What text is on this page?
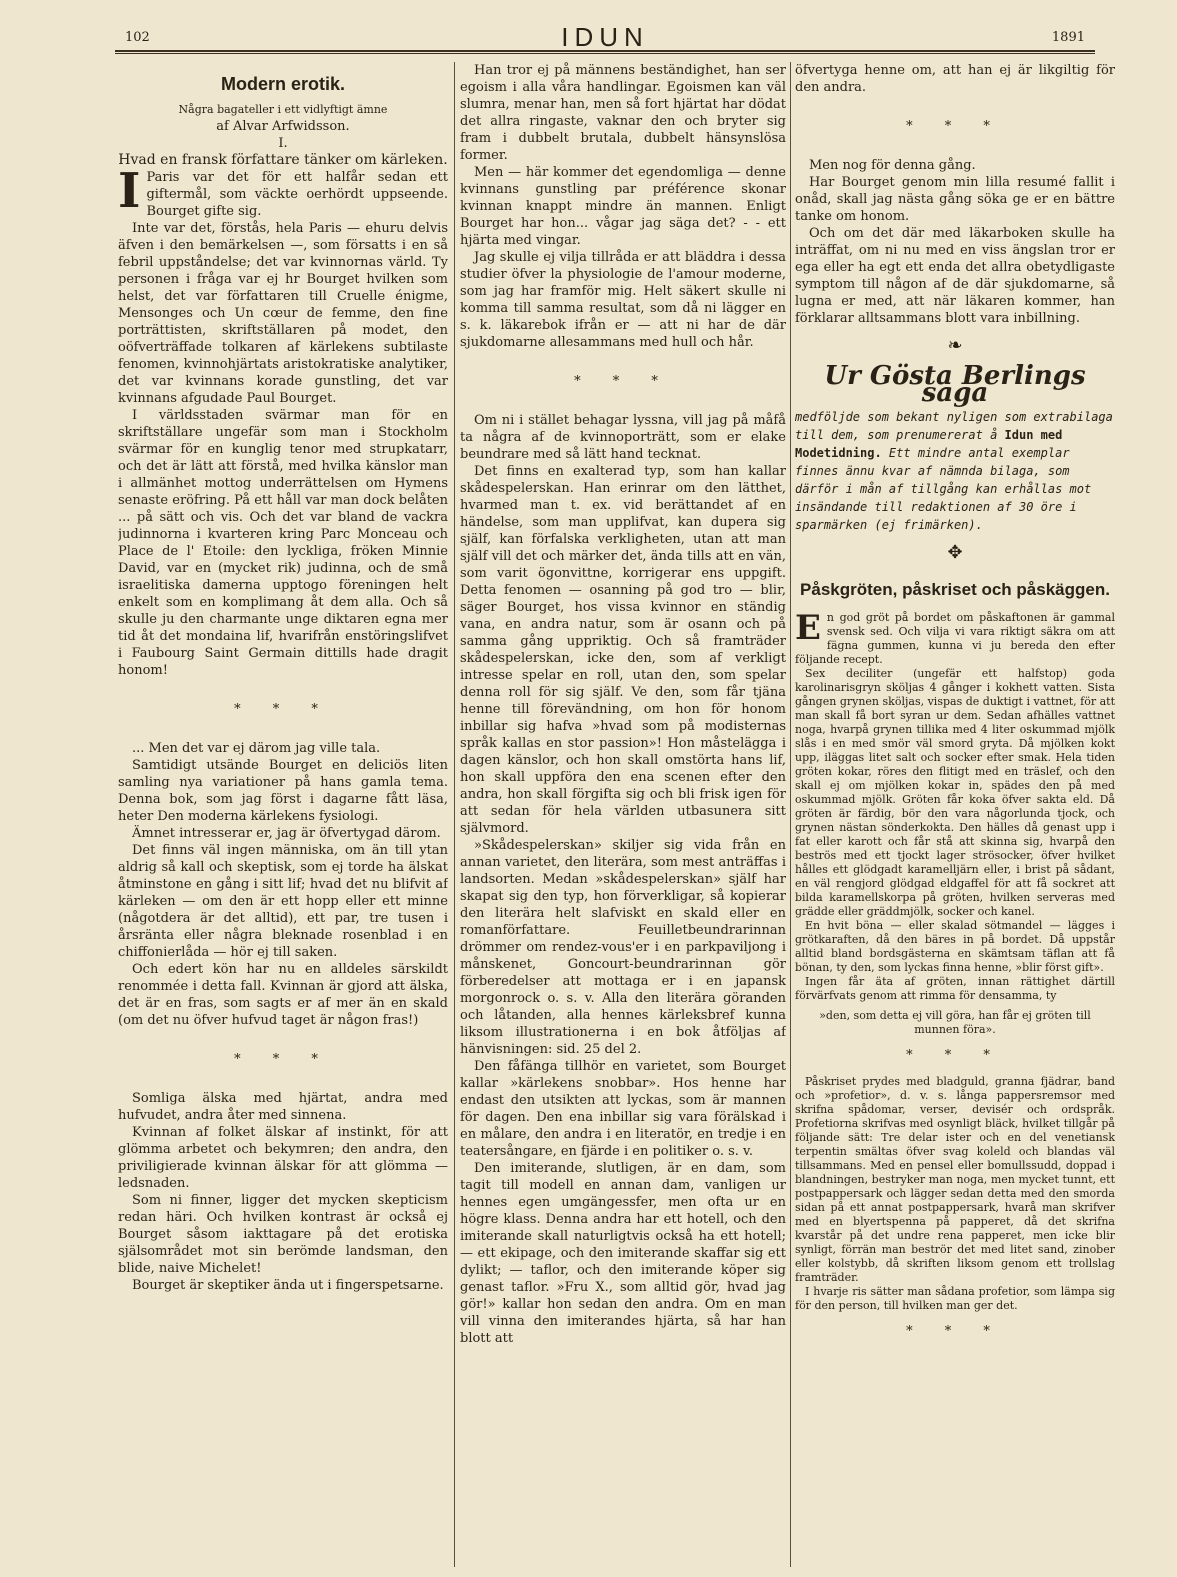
102	IDUN	1891
Modern erotik.

Några bagateller i ett vidlyftigt ämne

af Alvar Arfwidsson.

I.

Hvad en fransk författare tänker om kärleken.

I Paris var det för ett halfår sedan ett giftermål, som väckte oerhördt uppseende. Bourget gifte sig.

Inte var det, förstås, hela Paris — ehuru delvis äfven i den bemärkelsen —, som försatts i en så febril uppståndelse; det var kvinnornas värld. Ty personen i fråga var ej hr Bourget hvilken som helst, det var författaren till Cruelle énigme, Mensonges och Un cœur de femme, den fine porträttisten, skriftställaren på modet, den oöfverträffade tolkaren af kärlekens subtilaste fenomen, kvinnohjärtats aristokratiske analytiker, det var kvinnans korade gunstling, det var kvinnans afgudade Paul Bourget.

I världsstaden svärmar man för en skriftställare ungefär som man i Stockholm svärmar för en kunglig tenor med strupkatarr, och det är lätt att förstå, med hvilka känslor man i allmänhet mottog underrättelsen om Hymens senaste eröfring. På ett håll var man dock belåten ... på sätt och vis. Och det var bland de vackra judinnorna i kvarteren kring Parc Monceau och Place de l' Etoile: den lyckliga, fröken Minnie David, var en (mycket rik) judinna, och de små israelitiska damerna upptogo föreningen helt enkelt som en komplimang åt dem alla. Och så skulle ju den charmante unge diktaren egna mer tid åt det mondaina lif, hvarifrån enstöringslifvet i Faubourg Saint Germain dittills hade dragit honom!

* * *

... Men det var ej därom jag ville tala.

Samtidigt utsände Bourget en deliciös liten samling nya variationer på hans gamla tema. Denna bok, som jag först i dagarne fått läsa, heter Den moderna kärlekens fysiologi.

Ämnet intresserar er, jag är öfvertygad därom.

Det finns väl ingen människa, om än till ytan aldrig så kall och skeptisk, som ej torde ha älskat åtminstone en gång i sitt lif; hvad det nu blifvit af kärleken — om den är ett hopp eller ett minne (någotdera är det alltid), ett par, tre tusen i årsränta eller några bleknade rosenblad i en chiffonierlåda — hör ej till saken.

Och edert kön har nu en alldeles särskildt renommée i detta fall. Kvinnan är gjord att älska, det är en fras, som sagts er af mer än en skald (om det nu öfver hufvud taget är någon fras!)

* * *

Somliga älska med hjärtat, andra med hufvudet, andra åter med sinnena.

Kvinnan af folket älskar af instinkt, för att glömma arbetet och bekymren; den andra, den priviligierade kvinnan älskar för att glömma — ledsnaden.

Som ni finner, ligger det mycken skepticism redan häri. Och hvilken kontrast är också ej Bourget såsom iakttagare på det erotiska själsområdet mot sin berömde landsman, den blide, naive Michelet!

Bourget är skeptiker ända ut i fingerspetsarne.

Han tror ej på männens beständighet, han ser egoism i alla våra handlingar. Egoismen kan väl slumra, menar han, men så fort hjärtat har dödat det allra ringaste, vaknar den och bryter sig fram i dubbelt brutala, dubbelt hänsynslösa former.

Men — här kommer det egendomliga — denne kvinnans gunstling par préférence skonar kvinnan knappt mindre än mannen. Enligt Bourget har hon... vågar jag säga det? - - ett hjärta med vingar.

Jag skulle ej vilja tillråda er att bläddra i dessa studier öfver la physiologie de l'amour moderne, som jag har framför mig. Helt säkert skulle ni komma till samma resultat, som då ni lägger en s. k. läkarebok ifrån er — att ni har de där sjukdomarne allesammans med hull och hår.

* * *

Om ni i stället behagar lyssna, vill jag på måfå ta några af de kvinnoporträtt, som er elake beundrare med så lätt hand tecknat.

Det finns en exalterad typ, som han kallar skådespelerskan. Han erinrar om den lätthet, hvarmed man t. ex. vid berättandet af en händelse, som man upplifvat, kan dupera sig själf, kan förfalska verkligheten, utan att man själf vill det och märker det, ända tills att en vän, som varit ögonvittne, korrigerar ens uppgift. Detta fenomen — osanning på god tro — blir, säger Bourget, hos vissa kvinnor en ständig vana, en andra natur, som är osann och på samma gång uppriktig. Och så framträder skådespelerskan, icke den, som af verkligt intresse spelar en roll, utan den, som spelar denna roll för sig själf. Ve den, som får tjäna henne till förevändning, om hon för honom inbillar sig hafva »hvad som på modisternas språk kallas en stor passion»! Hon måstelägga i dagen känslor, och hon skall omstörta hans lif, hon skall uppföra den ena scenen efter den andra, hon skall förgifta sig och bli frisk igen för att sedan för hela världen utbasunera sitt självmord.

»Skådespelerskan» skiljer sig vida från en annan varietet, den literära, som mest anträffas i landsorten. Medan »skådespelerskan» själf har skapat sig den typ, hon förverkligar, så kopierar den literära helt slafviskt en skald eller en romanförfattare. Feuilletbeundrarinnan drömmer om rendez-vous'er i en parkpaviljong i månskenet, Goncourt-beundrarinnan gör förberedelser att mottaga er i en japansk morgonrock o. s. v. Alla den literära göranden och låtanden, alla hennes kärleksbref kunna liksom illustrationerna i en bok åtföljas af hänvisningen: sid. 25 del 2.

Den fåfänga tillhör en varietet, som Bourget kallar »kärlekens snobbar». Hos henne har endast den utsikten att lyckas, som är mannen för dagen. Den ena inbillar sig vara förälskad i en målare, den andra i en literatör, en tredje i en teatersångare, en fjärde i en politiker o. s. v.

Den imiterande, slutligen, är en dam, som tagit till modell en annan dam, vanligen ur hennes egen umgängessfer, men ofta ur en högre klass. Denna andra har ett hotell, och den imiterande skall naturligtvis också ha ett hotell; — ett ekipage, och den imiterande skaffar sig ett dylikt; — taflor, och den imiterande köper sig genast taflor. »Fru X., som alltid gör, hvad jag gör!» kallar hon sedan den andra. Om en man vill vinna den imiterandes hjärta, så har han blott att

öfvertyga henne om, att han ej är likgiltig för den andra.

* * *

Men nog för denna gång.

Har Bourget genom min lilla resumé fallit i onåd, skall jag nästa gång söka ge er en bättre tanke om honom.

Och om det där med läkarboken skulle ha inträffat, om ni nu med en viss ängslan tror er ega eller ha egt ett enda det allra obetydligaste symptom till någon af de där sjukdomarne, så lugna er med, att när läkaren kommer, han förklarar alltsammans blott vara inbillning.

❧
Ur Gösta Berlings saga

medföljde som bekant nyligen som extrabilaga till dem, som prenumererat å Idun med Modetidning. Ett mindre antal exemplar finnes ännu kvar af nämnda bilaga, som därför i mån af tillgång kan erhållas mot insändande till redaktionen af 30 öre i sparmärken (ej frimärken).

✥
Påskgröten, påskriset och påskäggen.

En god gröt på bordet om påskaftonen är gammal svensk sed. Och vilja vi vara riktigt säkra om att fägna gummen, kunna vi ju bereda den efter följande recept.

Sex deciliter (ungefär ett halfstop) goda karolinarisgryn sköljas 4 gånger i kokhett vatten. Sista gången grynen sköljas, vispas de duktigt i vattnet, för att man skall få bort syran ur dem. Sedan afhälles vattnet noga, hvarpå grynen tillika med 4 liter oskummad mjölk slås i en med smör väl smord gryta. Då mjölken kokt upp, iläggas litet salt och socker efter smak. Hela tiden gröten kokar, röres den flitigt med en träslef, och den skall ej om mjölken kokar in, spädes den på med oskummad mjölk. Gröten får koka öfver sakta eld. Då gröten är färdig, bör den vara någorlunda tjock, och grynen nästan sönderkokta. Den hälles då genast upp i fat eller karott och får stå att skinna sig, hvarpå den beströs med ett tjockt lager strösocker, öfver hvilket hålles ett glödgadt karamelljärn eller, i brist på sådant, en väl rengjord glödgad eldgaffel för att få sockret att bilda karamellskorpa på gröten, hvilken serveras med gräddе eller gräddmjölk, socker och kanel.

En hvit böna — eller skalad sötmandel — lägges i grötkaraften, då den bäres in på bordet. Då uppstår alltid bland bordsgästerna en skämtsam täflan att få bönan, ty den, som lyckas finna henne, »blir först gift».

Ingen får äta af gröten, innan rättighet därtill förvärfvats genom att rimma för densamma, ty

»den, som detta ej vill göra, han får ej gröten till munnen föra».
* * *

Påskriset prydes med bladguld, granna fjädrar, band och »profetior», d. v. s. långa pappersremsor med skrifna spådomar, verser, devisér och ordspråk. Profetiorna skrifvas med osynligt bläck, hvilket tillgår på följande sätt: Tre delar ister och en del venetiansk terpentin smältas öfver svag koleld och blandas väl tillsammans. Med en pensel eller bomullssudd, doppad i blandningen, bestryker man noga, men mycket tunnt, ett postpappersark och lägger sedan detta med den smorda sidan på ett annat postpappersark, hvarå man skrifver med en blyertspenna på papperet, då det skrifna kvarstår på det undre rena papperet, men icke blir synligt, förrän man beströr det med litet sand, zinober eller kolstybb, då skriften liksom genom ett trollslag framträder.

I hvarje ris sätter man sådana profetior, som lämpa sig för den person, till hvilken man ger det.

* * *
